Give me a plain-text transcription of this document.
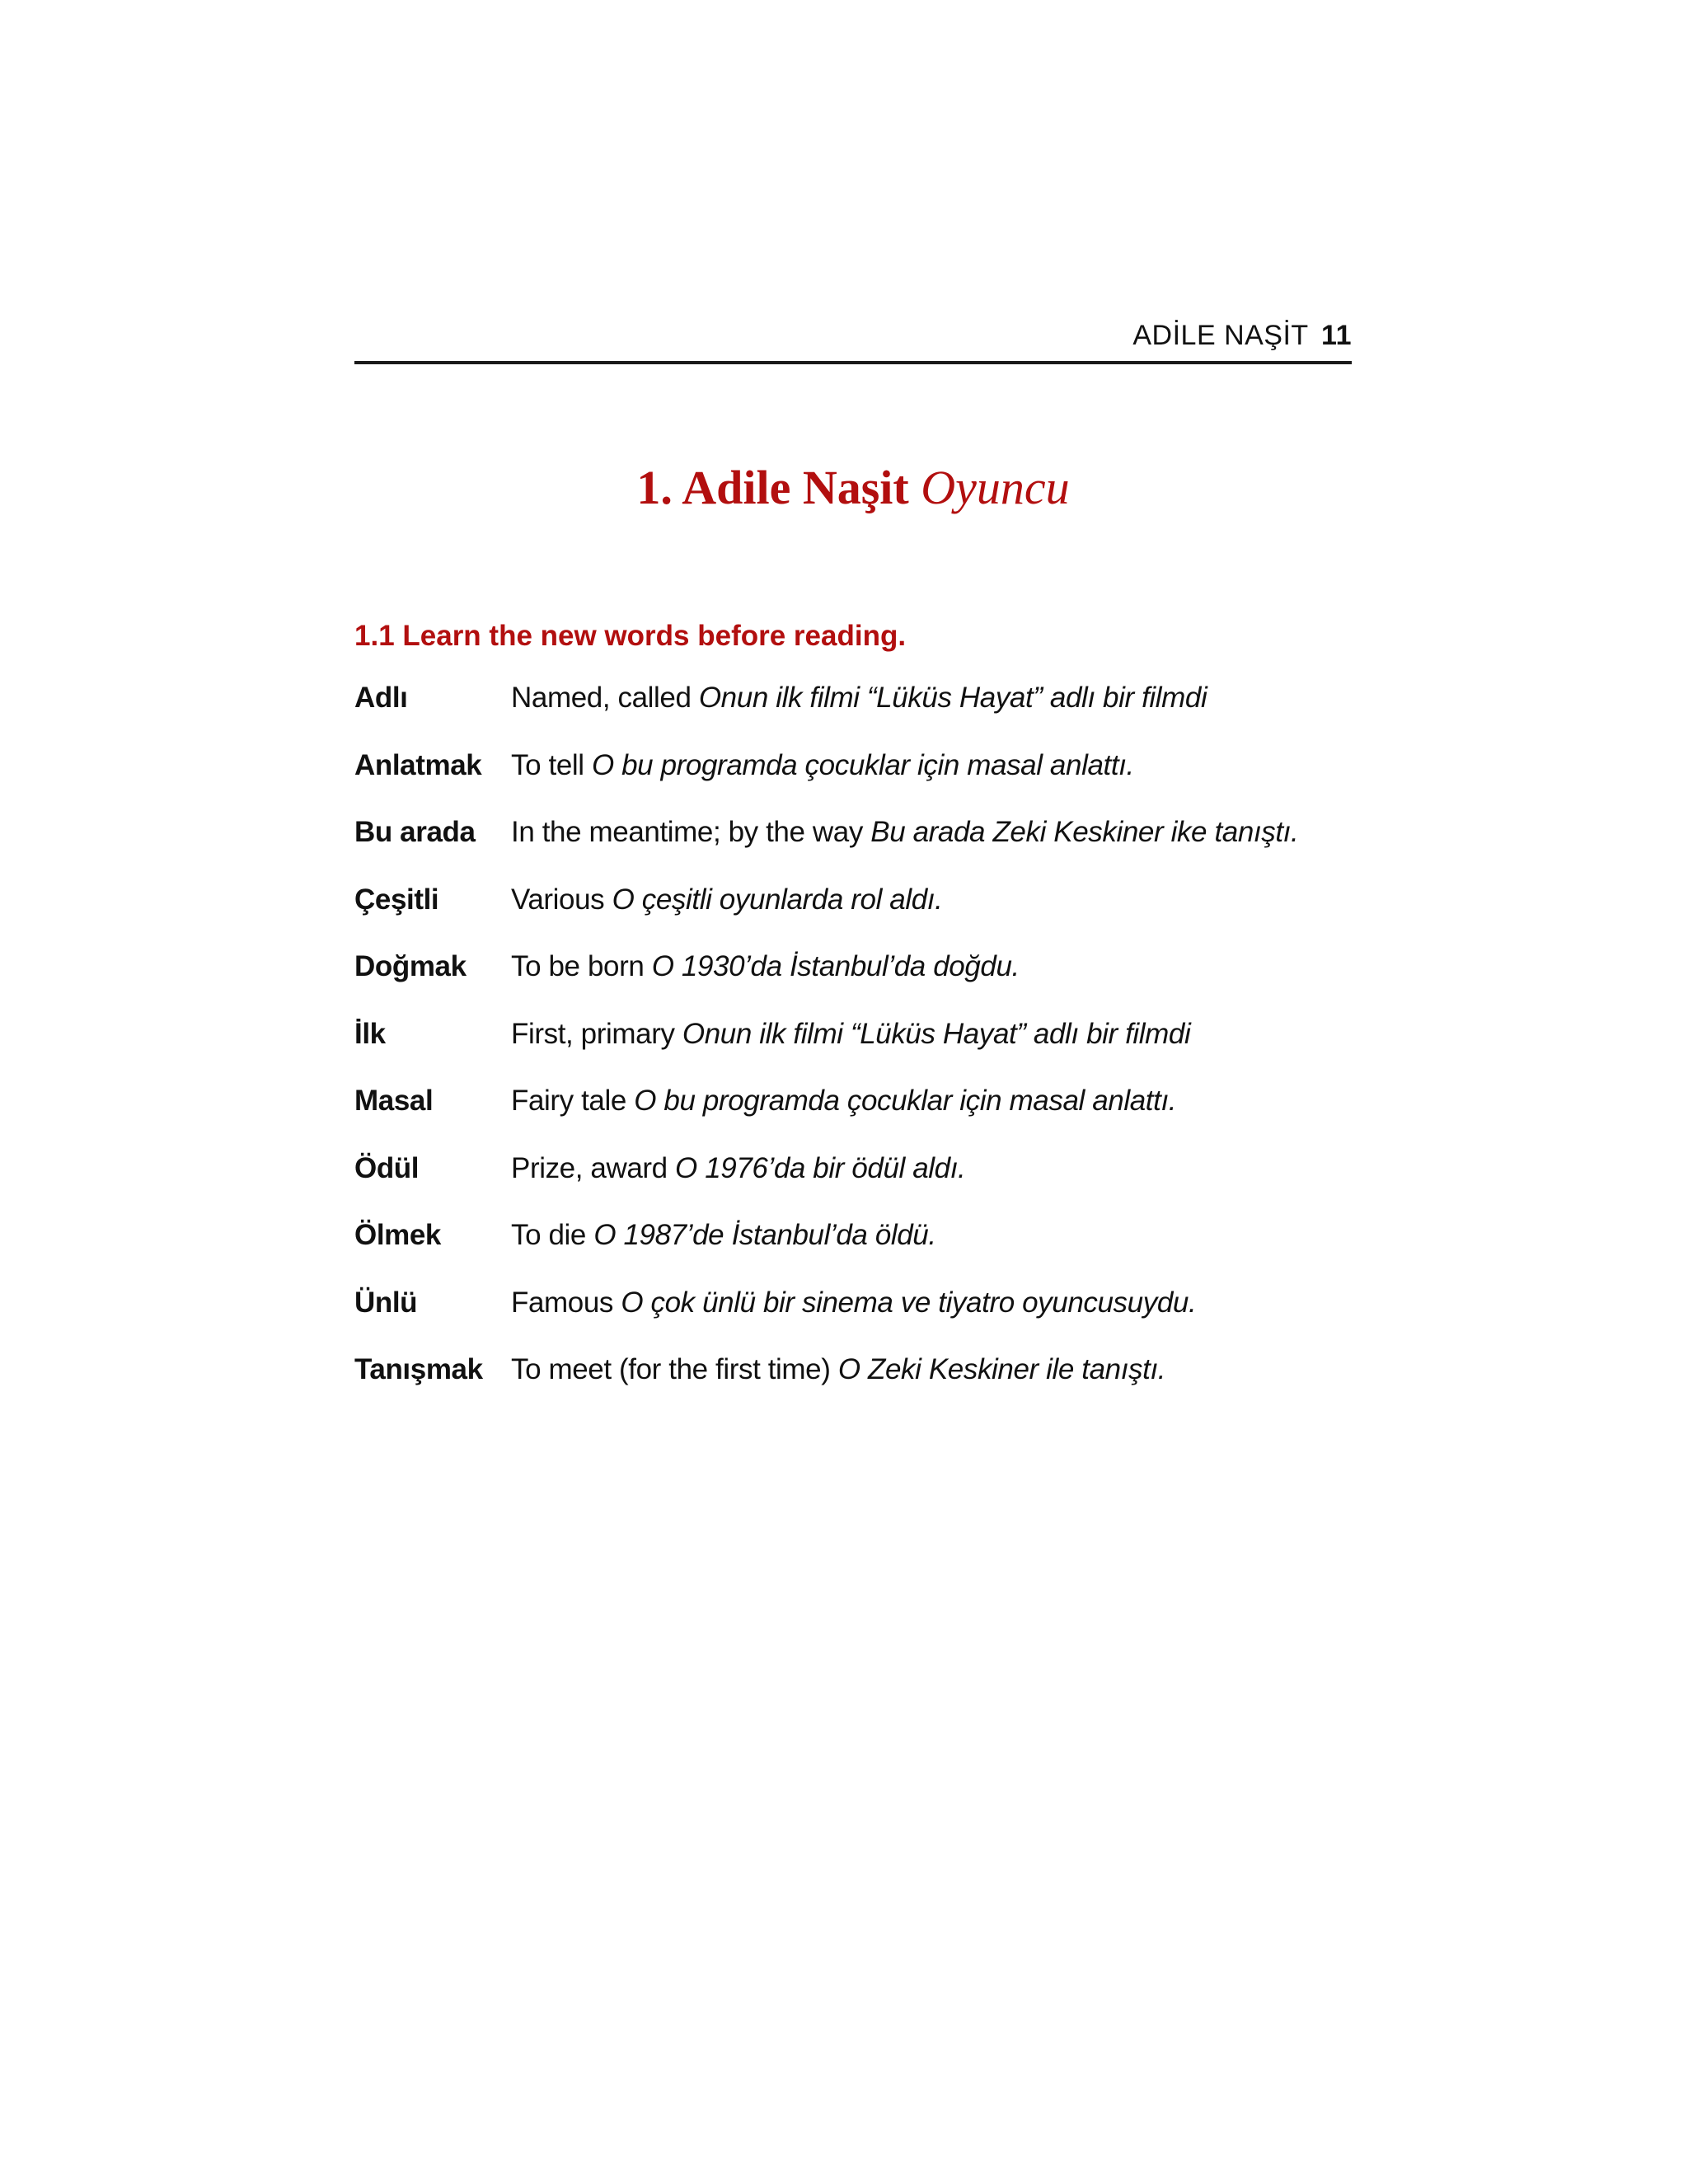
ADİLE NAŞİT 11
1. Adile Naşit Oyuncu
1.1 Learn the new words before reading.
Adlı	Named, called Onun ilk filmi “Lüküs Hayat” adlı bir filmdi
Anlatmak	To tell O bu programda çocuklar için masal anlattı.
Bu arada	In the meantime; by the way Bu arada Zeki Keskiner ike tanıştı.
Çeşitli	Various O çeşitli oyunlarda rol aldı.
Doğmak	To be born O 1930’da İstanbul’da doğdu.
İlk	First, primary Onun ilk filmi “Lüküs Hayat” adlı bir filmdi
Masal	Fairy tale O bu programda çocuklar için masal anlattı.
Ödül	Prize, award O 1976’da bir ödül aldı.
Ölmek	To die O 1987’de İstanbul’da öldü.
Ünlü	Famous O çok ünlü bir sinema ve tiyatro oyuncusuydu.
Tanışmak To meet (for the first time) O Zeki Keskiner ile tanıştı.
